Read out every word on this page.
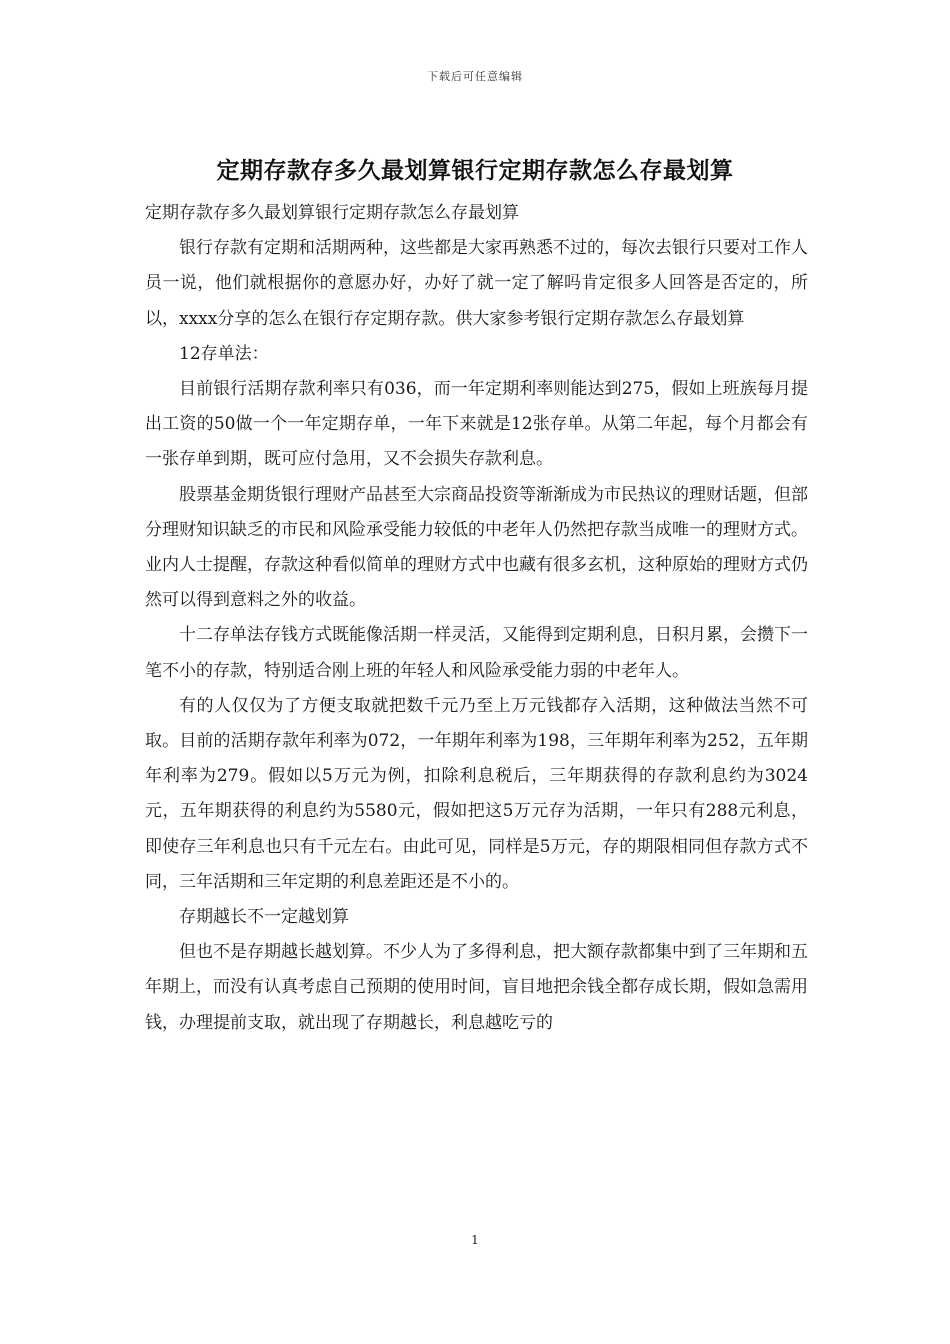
下载后可任意编辑
定期存款存多久最划算银行定期存款怎么存最划算

定期存款存多久最划算银行定期存款怎么存最划算

银行存款有定期和活期两种，这些都是大家再熟悉不过的，每次去银行只要对工作人员一说，他们就根据你的意愿办好，办好了就一定了解吗肯定很多人回答是否定的，所以，xxxx分享的怎么在银行存定期存款。供大家参考银行定期存款怎么存最划算

12存单法：

目前银行活期存款利率只有036，而一年定期利率则能达到275，假如上班族每月提出工资的50做一个一年定期存单，一年下来就是12张存单。从第二年起，每个月都会有一张存单到期，既可应付急用，又不会损失存款利息。

股票基金期货银行理财产品甚至大宗商品投资等渐渐成为市民热议的理财话题，但部分理财知识缺乏的市民和风险承受能力较低的中老年人仍然把存款当成唯一的理财方式。业内人士提醒，存款这种看似简单的理财方式中也藏有很多玄机，这种原始的理财方式仍然可以得到意料之外的收益。

十二存单法存钱方式既能像活期一样灵活，又能得到定期利息，日积月累，会攒下一笔不小的存款，特别适合刚上班的年轻人和风险承受能力弱的中老年人。

有的人仅仅为了方便支取就把数千元乃至上万元钱都存入活期，这种做法当然不可取。目前的活期存款年利率为072，一年期年利率为198，三年期年利率为252，五年期年利率为279。假如以5万元为例，扣除利息税后，三年期获得的存款利息约为3024元，五年期获得的利息约为5580元，假如把这5万元存为活期，一年只有288元利息，即使存三年利息也只有千元左右。由此可见，同样是5万元，存的期限相同但存款方式不同，三年活期和三年定期的利息差距还是不小的。

存期越长不一定越划算

但也不是存期越长越划算。不少人为了多得利息，把大额存款都集中到了三年期和五年期上，而没有认真考虑自己预期的使用时间，盲目地把余钱全都存成长期，假如急需用钱，办理提前支取，就出现了存期越长，利息越吃亏的

1
